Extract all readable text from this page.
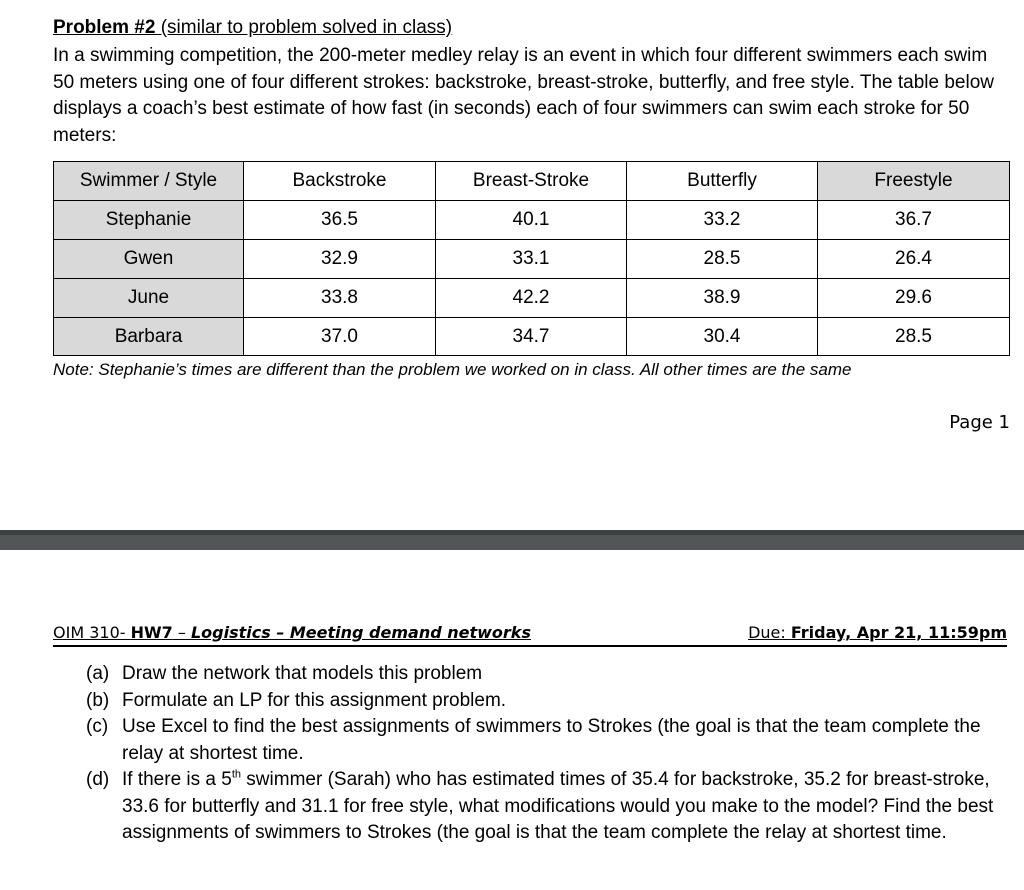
Problem #2 (similar to problem solved in class)
In a swimming competition, the 200-meter medley relay is an event in which four different swimmers each swim 50 meters using one of four different strokes: backstroke, breast-stroke, butterfly, and free style. The table below displays a coach’s best estimate of how fast (in seconds) each of four swimmers can swim each stroke for 50 meters:
Swimmer / Style	Backstroke	Breast-Stroke	Butterfly	Freestyle
Stephanie	36.5	40.1	33.2	36.7
Gwen	32.9	33.1	28.5	26.4
June	33.8	42.2	38.9	29.6
Barbara	37.0	34.7	30.4	28.5
Note: Stephanie’s times are different than the problem we worked on in class. All other times are the same
Page 1
OIM 310- HW7 – Logistics – Meeting demand networks	Due: Friday, Apr 21, 11:59pm
(a) Draw the network that models this problem
(b) Formulate an LP for this assignment problem.
(c) Use Excel to find the best assignments of swimmers to Strokes (the goal is that the team complete the relay at shortest time.
(d) If there is a 5th swimmer (Sarah) who has estimated times of 35.4 for backstroke, 35.2 for breast-stroke, 33.6 for butterfly and 31.1 for free style, what modifications would you make to the model? Find the best assignments of swimmers to Strokes (the goal is that the team complete the relay at shortest time.
